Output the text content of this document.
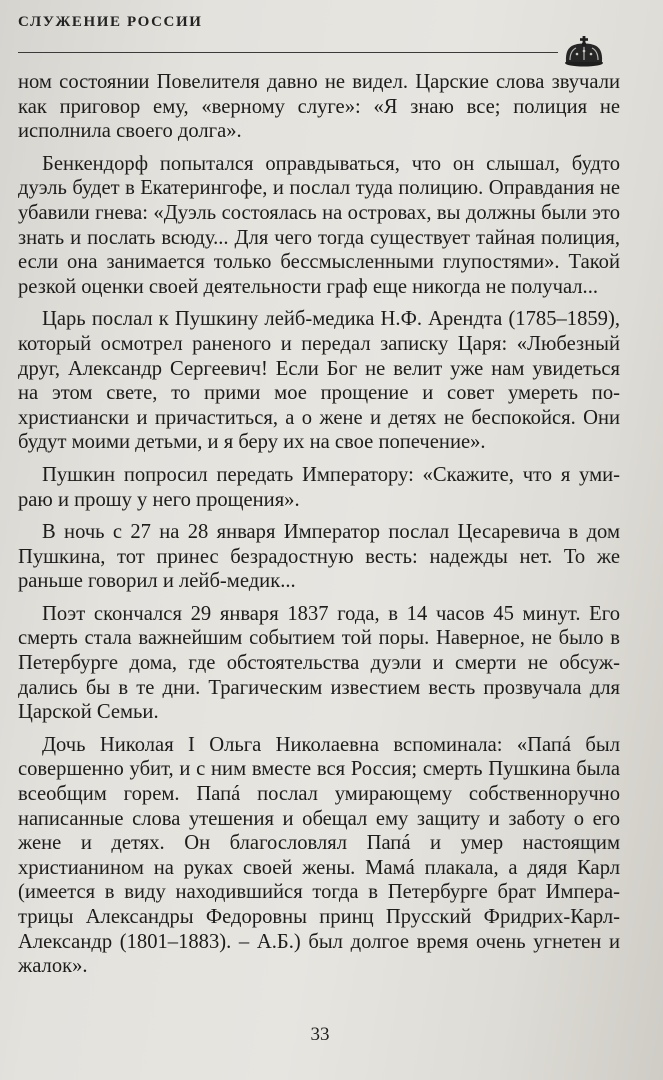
СЛУЖЕНИЕ РОССИИ

ном состоянии Повелителя давно не видел. Царские слова звучали как приговор ему, «верному слуге»: «Я знаю все; полиция не исполнила своего долга».

Бенкендорф попытался оправдываться, что он слышал, будто дуэль будет в Екатерингофе, и послал туда полицию. Оправдания не убавили гнева: «Дуэль состоялась на островах, вы должны были это знать и послать всюду... Для чего тогда существует тайная полиция, если она занимается только бессмысленными глупостями». Такой резкой оценки своей деятельности граф еще никогда не получал...

Царь послал к Пушкину лейб-медика Н.Ф. Арендта (1785–1859), который осмотрел раненого и передал записку Царя: «Любезный друг, Александр Сергеевич! Если Бог не велит уже нам увидеться на этом свете, то прими мое прощение и совет умереть по-христиански и причаститься, а о жене и детях не беспокойся. Они будут моими детьми, и я беру их на свое попечение».

Пушкин попросил передать Императору: «Скажите, что я умираю и прошу у него прощения».

В ночь с 27 на 28 января Император послал Цесаревича в дом Пушкина, тот принес безрадостную весть: надежды нет. То же раньше говорил и лейб-медик...

Поэт скончался 29 января 1837 года, в 14 часов 45 минут. Его смерть стала важнейшим событием той поры. Наверное, не было в Петербурге дома, где обстоятельства дуэли и смерти не обсуждались бы в те дни. Трагическим известием весть прозвучала для Царской Семьи.

Дочь Николая I Ольга Николаевна вспоминала: «Папá был совершенно убит, и с ним вместе вся Россия; смерть Пушкина была всеобщим горем. Папá послал умирающему собственноручно написанные слова утешения и обещал ему защиту и заботу о его жене и детях. Он благословлял Папá и умер настоящим христианином на руках своей жены. Мамá плакала, а дядя Карл (имеется в виду находившийся тогда в Петербурге брат Императрицы Александры Федоровны принц Прусский Фридрих-Карл-Александр (1801–1883). – А.Б.) был долгое время очень угнетен и жалок».

33
